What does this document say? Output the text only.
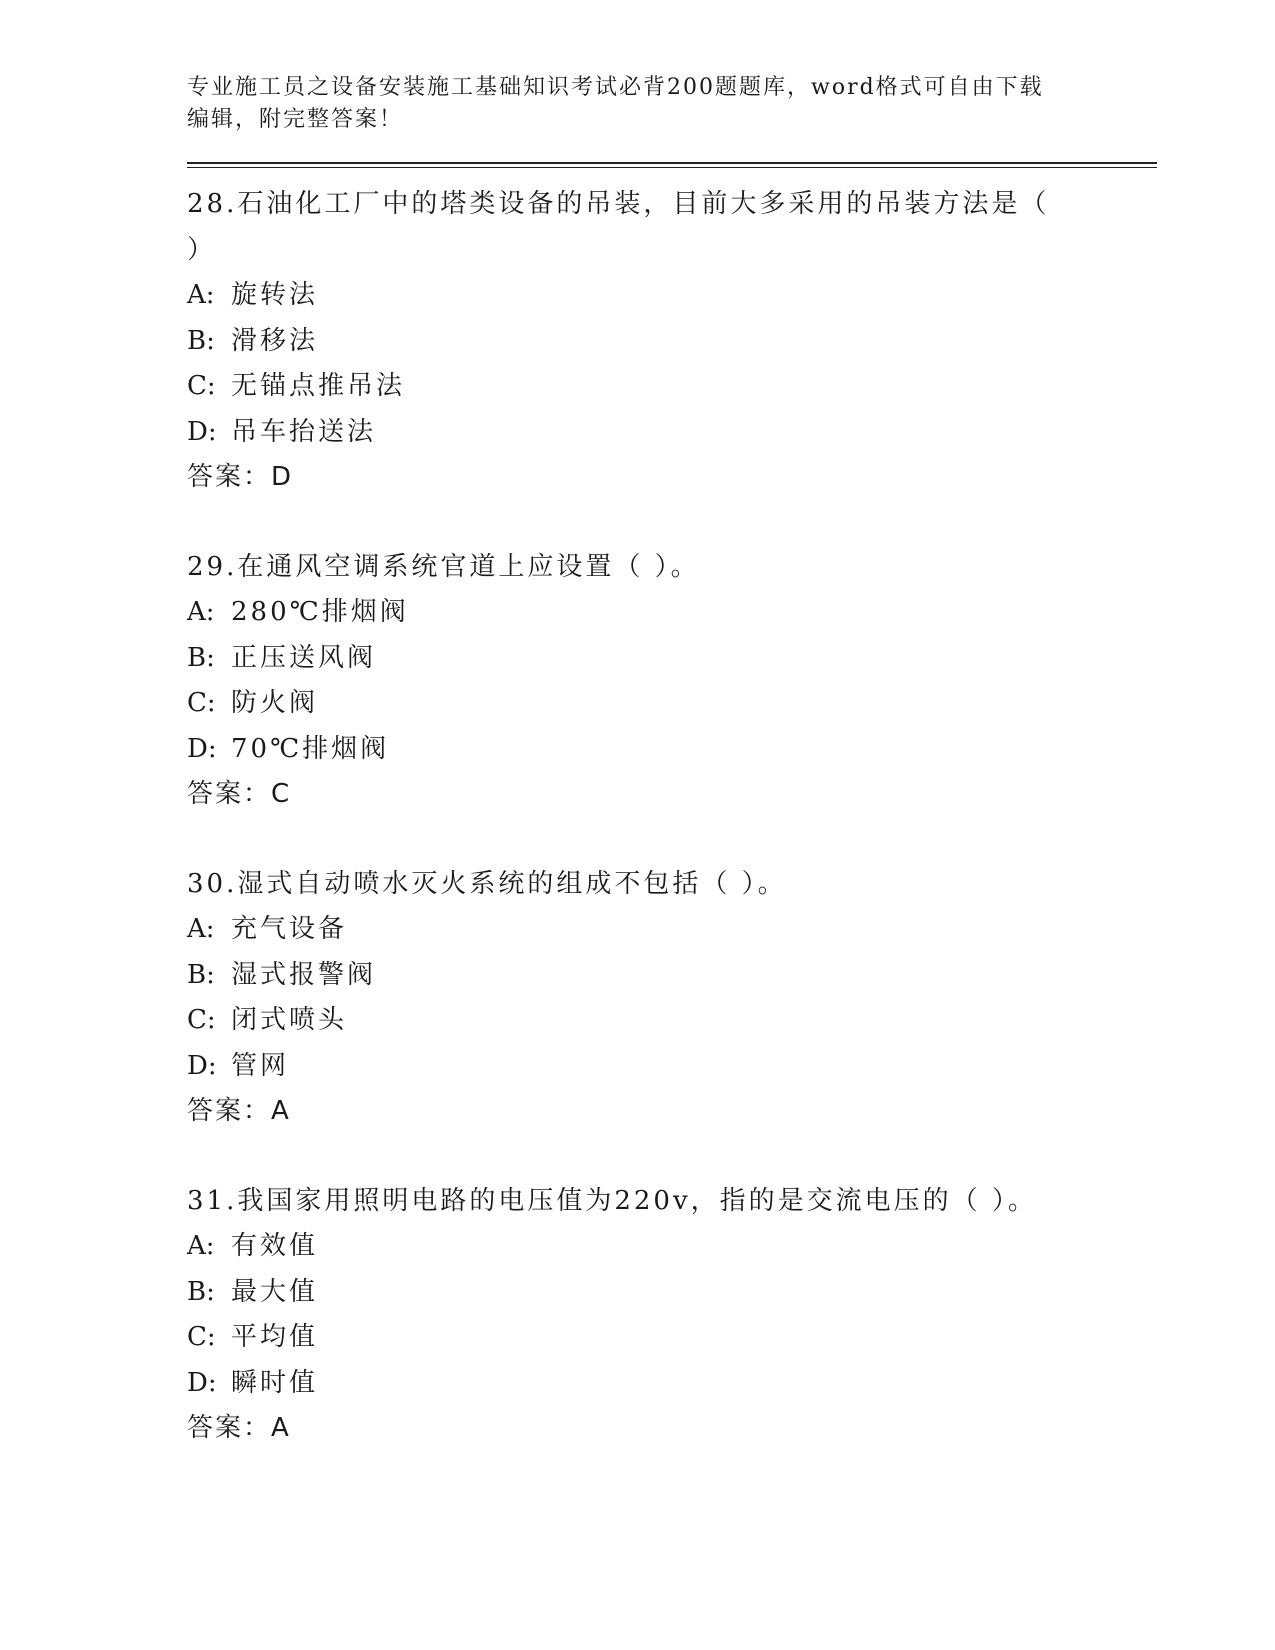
专业施工员之设备安装施工基础知识考试必背200题题库，word格式可自由下载
编辑，附完整答案！

28.石油化工厂中的塔类设备的吊装，目前大多采用的吊装方法是（

）

A: 旋转法

B: 滑移法

C: 无锚点推吊法

D: 吊车抬送法

答案：D

29.在通风空调系统官道上应设置（ ）。

A: 280℃排烟阀

B: 正压送风阀

C: 防火阀

D: 70℃排烟阀

答案：C

30.湿式自动喷水灭火系统的组成不包括（ ）。

A: 充气设备

B: 湿式报警阀

C: 闭式喷头

D: 管网

答案：A

31.我国家用照明电路的电压值为220v，指的是交流电压的（ ）。

A: 有效值

B: 最大值

C: 平均值

D: 瞬时值

答案：A
